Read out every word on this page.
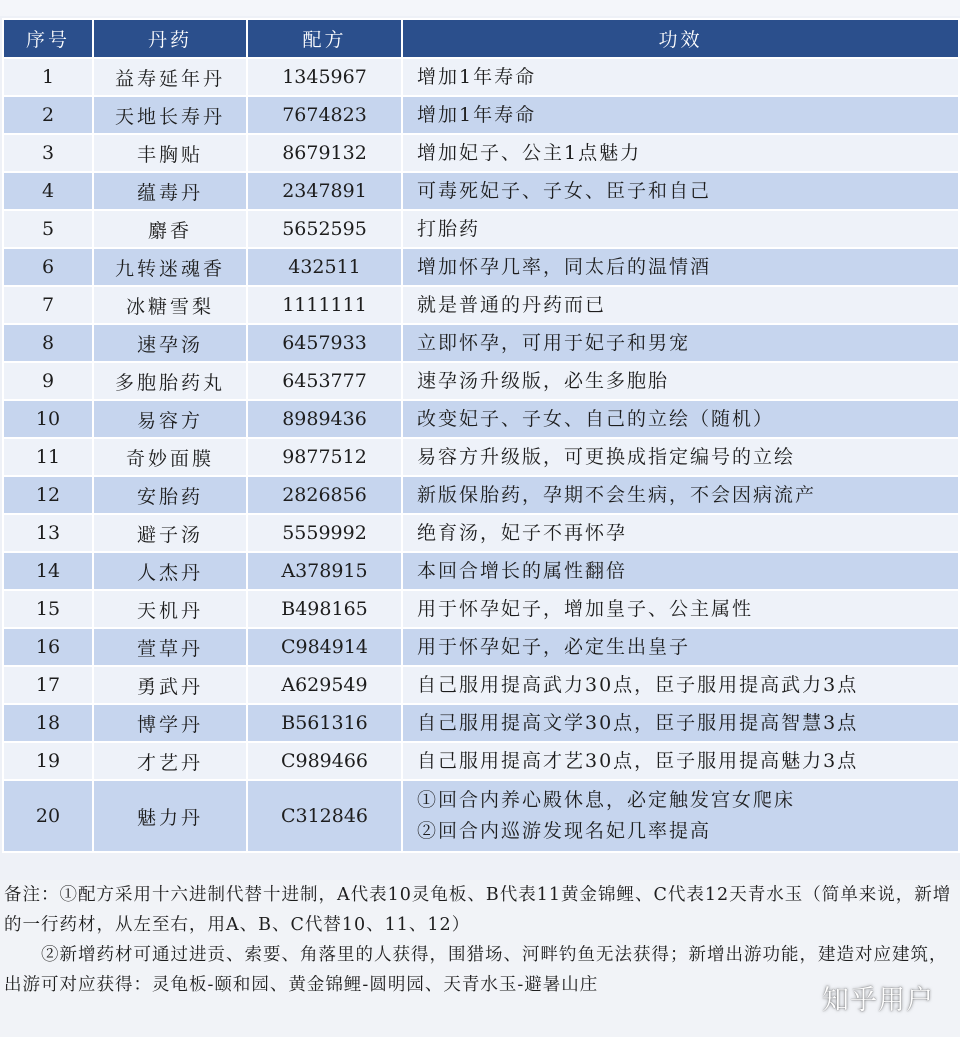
序号	丹药	配方	功效
1	益寿延年丹	1345967	增加1年寿命

2	天地长寿丹	7674823	增加1年寿命

3	丰胸贴	8679132	增加妃子、公主1点魅力

4	蕴毒丹	2347891	可毒死妃子、子女、臣子和自己

5	麝香	5652595	打胎药

6	九转迷魂香	432511	增加怀孕几率，同太后的温情酒

7	冰糖雪梨	1111111	就是普通的丹药而已

8	速孕汤	6457933	立即怀孕，可用于妃子和男宠

9	多胞胎药丸	6453777	速孕汤升级版，必生多胞胎

10	易容方	8989436	改变妃子、子女、自己的立绘（随机）

11	奇妙面膜	9877512	易容方升级版，可更换成指定编号的立绘

12	安胎药	2826856	新版保胎药，孕期不会生病，不会因病流产

13	避子汤	5559992	绝育汤，妃子不再怀孕

14	人杰丹	A378915	本回合增长的属性翻倍

15	天机丹	B498165	用于怀孕妃子，增加皇子、公主属性

16	萱草丹	C984914	用于怀孕妃子，必定生出皇子

17	勇武丹	A629549	自己服用提高武力30点，臣子服用提高武力3点

18	博学丹	B561316	自己服用提高文学30点，臣子服用提高智慧3点

19	才艺丹	C989466	自己服用提高才艺30点，臣子服用提高魅力3点

20	魅力丹	C312846	①回合内养心殿休息，必定触发宫女爬床
②回合内巡游发现名妃几率提高

备注：①配方采用十六进制代替十进制，A代表10灵龟板、B代表11黄金锦鲤、C代表12天青水玉（简单来说，新增的一行药材，从左至右，用A、B、C代替10、11、12）

　　②新增药材可通过进贡、索要、角落里的人获得，围猎场、河畔钓鱼无法获得；新增出游功能，建造对应建筑，出游可对应获得：灵龟板-颐和园、黄金锦鲤-圆明园、天青水玉-避暑山庄	知乎用户
